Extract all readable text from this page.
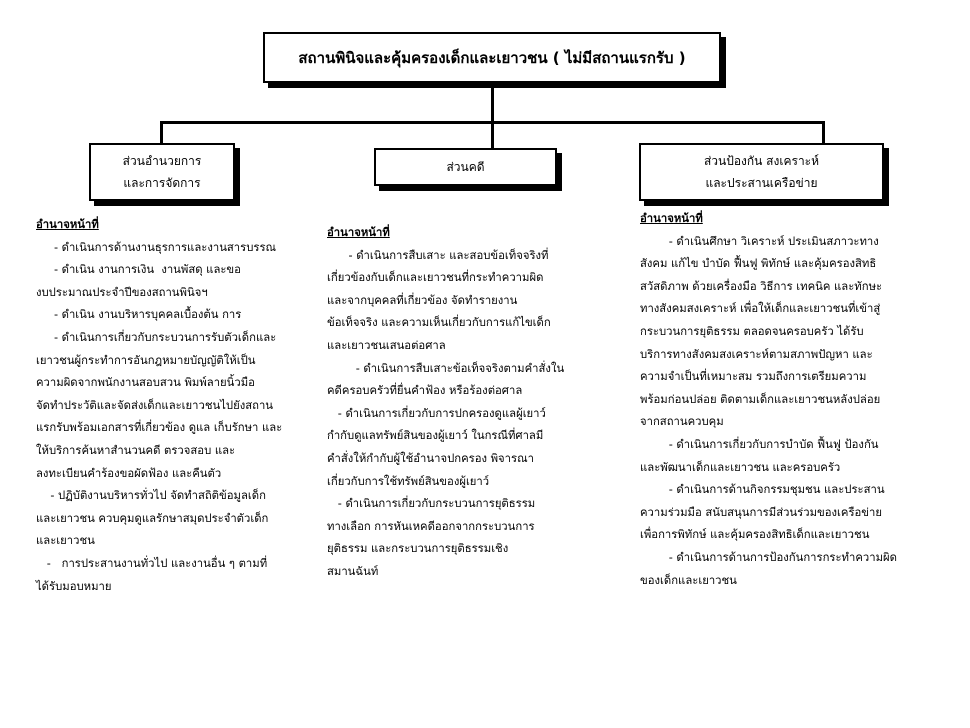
สถานพินิจและคุ้มครองเด็กและเยาวชน ( ไม่มีสถานแรกรับ )
ส่วนอำนวยการ
และการจัดการ
ส่วนคดี	ส่วนป้องกัน สงเคราะห์
และประสานเครือข่าย
อำนาจหน้าที่
- ดำเนินการด้านงานธุรการและงานสารบรรณ
- ดำเนิน งานการเงิน  งานพัสดุ และขอ
งบประมาณประจำปีของสถานพินิจฯ
- ดำเนิน งานบริหารบุคคลเบื้องต้น การ
- ดำเนินการเกี่ยวกับกระบวนการรับตัวเด็กและ
เยาวชนผู้กระทำการอันกฎหมายบัญญัติให้เป็น
ความผิดจากพนักงานสอบสวน พิมพ์ลายนิ้วมือ
จัดทำประวัติและจัดส่งเด็กและเยาวชนไปยังสถาน
แรกรับพร้อมเอกสารที่เกี่ยวข้อง ดูแล เก็บรักษา และ
ให้บริการค้นหาสำนวนคดี ตรวจสอบ และ
ลงทะเบียนคำร้องขอผัดฟ้อง และคืนตัว
- ปฏิบัติงานบริหารทั่วไป จัดทำสถิติข้อมูลเด็ก
และเยาวชน ควบคุมดูแลรักษาสมุดประจำตัวเด็ก
และเยาวชน
-   การประสานงานทั่วไป และงานอื่น ๆ ตามที่
ได้รับมอบหมาย
อำนาจหน้าที่
- ดำเนินการสืบเสาะ และสอบข้อเท็จจริงที่
เกี่ยวข้องกับเด็กและเยาวชนที่กระทำความผิด
และจากบุคคลที่เกี่ยวข้อง จัดทำรายงาน
ข้อเท็จจริง และความเห็นเกี่ยวกับการแก้ไขเด็ก
และเยาวชนเสนอต่อศาล
- ดำเนินการสืบเสาะข้อเท็จจริงตามคำสั่งใน
คดีครอบครัวที่ยื่นคำฟ้อง หรือร้องต่อศาล
- ดำเนินการเกี่ยวกับการปกครองดูแลผู้เยาว์
กำกับดูแลทรัพย์สินของผู้เยาว์ ในกรณีที่ศาลมี
คำสั่งให้กำกับผู้ใช้อำนาจปกครอง พิจารณา
เกี่ยวกับการใช้ทรัพย์สินของผู้เยาว์
- ดำเนินการเกี่ยวกับกระบวนการยุติธรรม
ทางเลือก การหันเหคดีออกจากกระบวนการ
ยุติธรรม และกระบวนการยุติธรรมเชิง
สมานฉันท์
อำนาจหน้าที่
- ดำเนินศึกษา วิเคราะห์ ประเมินสภาวะทาง
สังคม แก้ไข บำบัด ฟื้นฟู พิทักษ์ และคุ้มครองสิทธิ
สวัสดิภาพ ด้วยเครื่องมือ วิธีการ เทคนิค และทักษะ
ทางสังคมสงเคราะห์ เพื่อให้เด็กและเยาวชนที่เข้าสู่
กระบวนการยุติธรรม ตลอดจนครอบครัว ได้รับ
บริการทางสังคมสงเคราะห์ตามสภาพปัญหา และ
ความจำเป็นที่เหมาะสม รวมถึงการเตรียมความ
พร้อมก่อนปล่อย ติดตามเด็กและเยาวชนหลังปล่อย
จากสถานควบคุม
- ดำเนินการเกี่ยวกับการบำบัด ฟื้นฟู ป้องกัน
และพัฒนาเด็กและเยาวชน และครอบครัว
- ดำเนินการด้านกิจกรรมชุมชน และประสาน
ความร่วมมือ สนับสนุนการมีส่วนร่วมของเครือข่าย
เพื่อการพิทักษ์ และคุ้มครองสิทธิเด็กและเยาวชน
- ดำเนินการด้านการป้องกันการกระทำความผิด
ของเด็กและเยาวชน
